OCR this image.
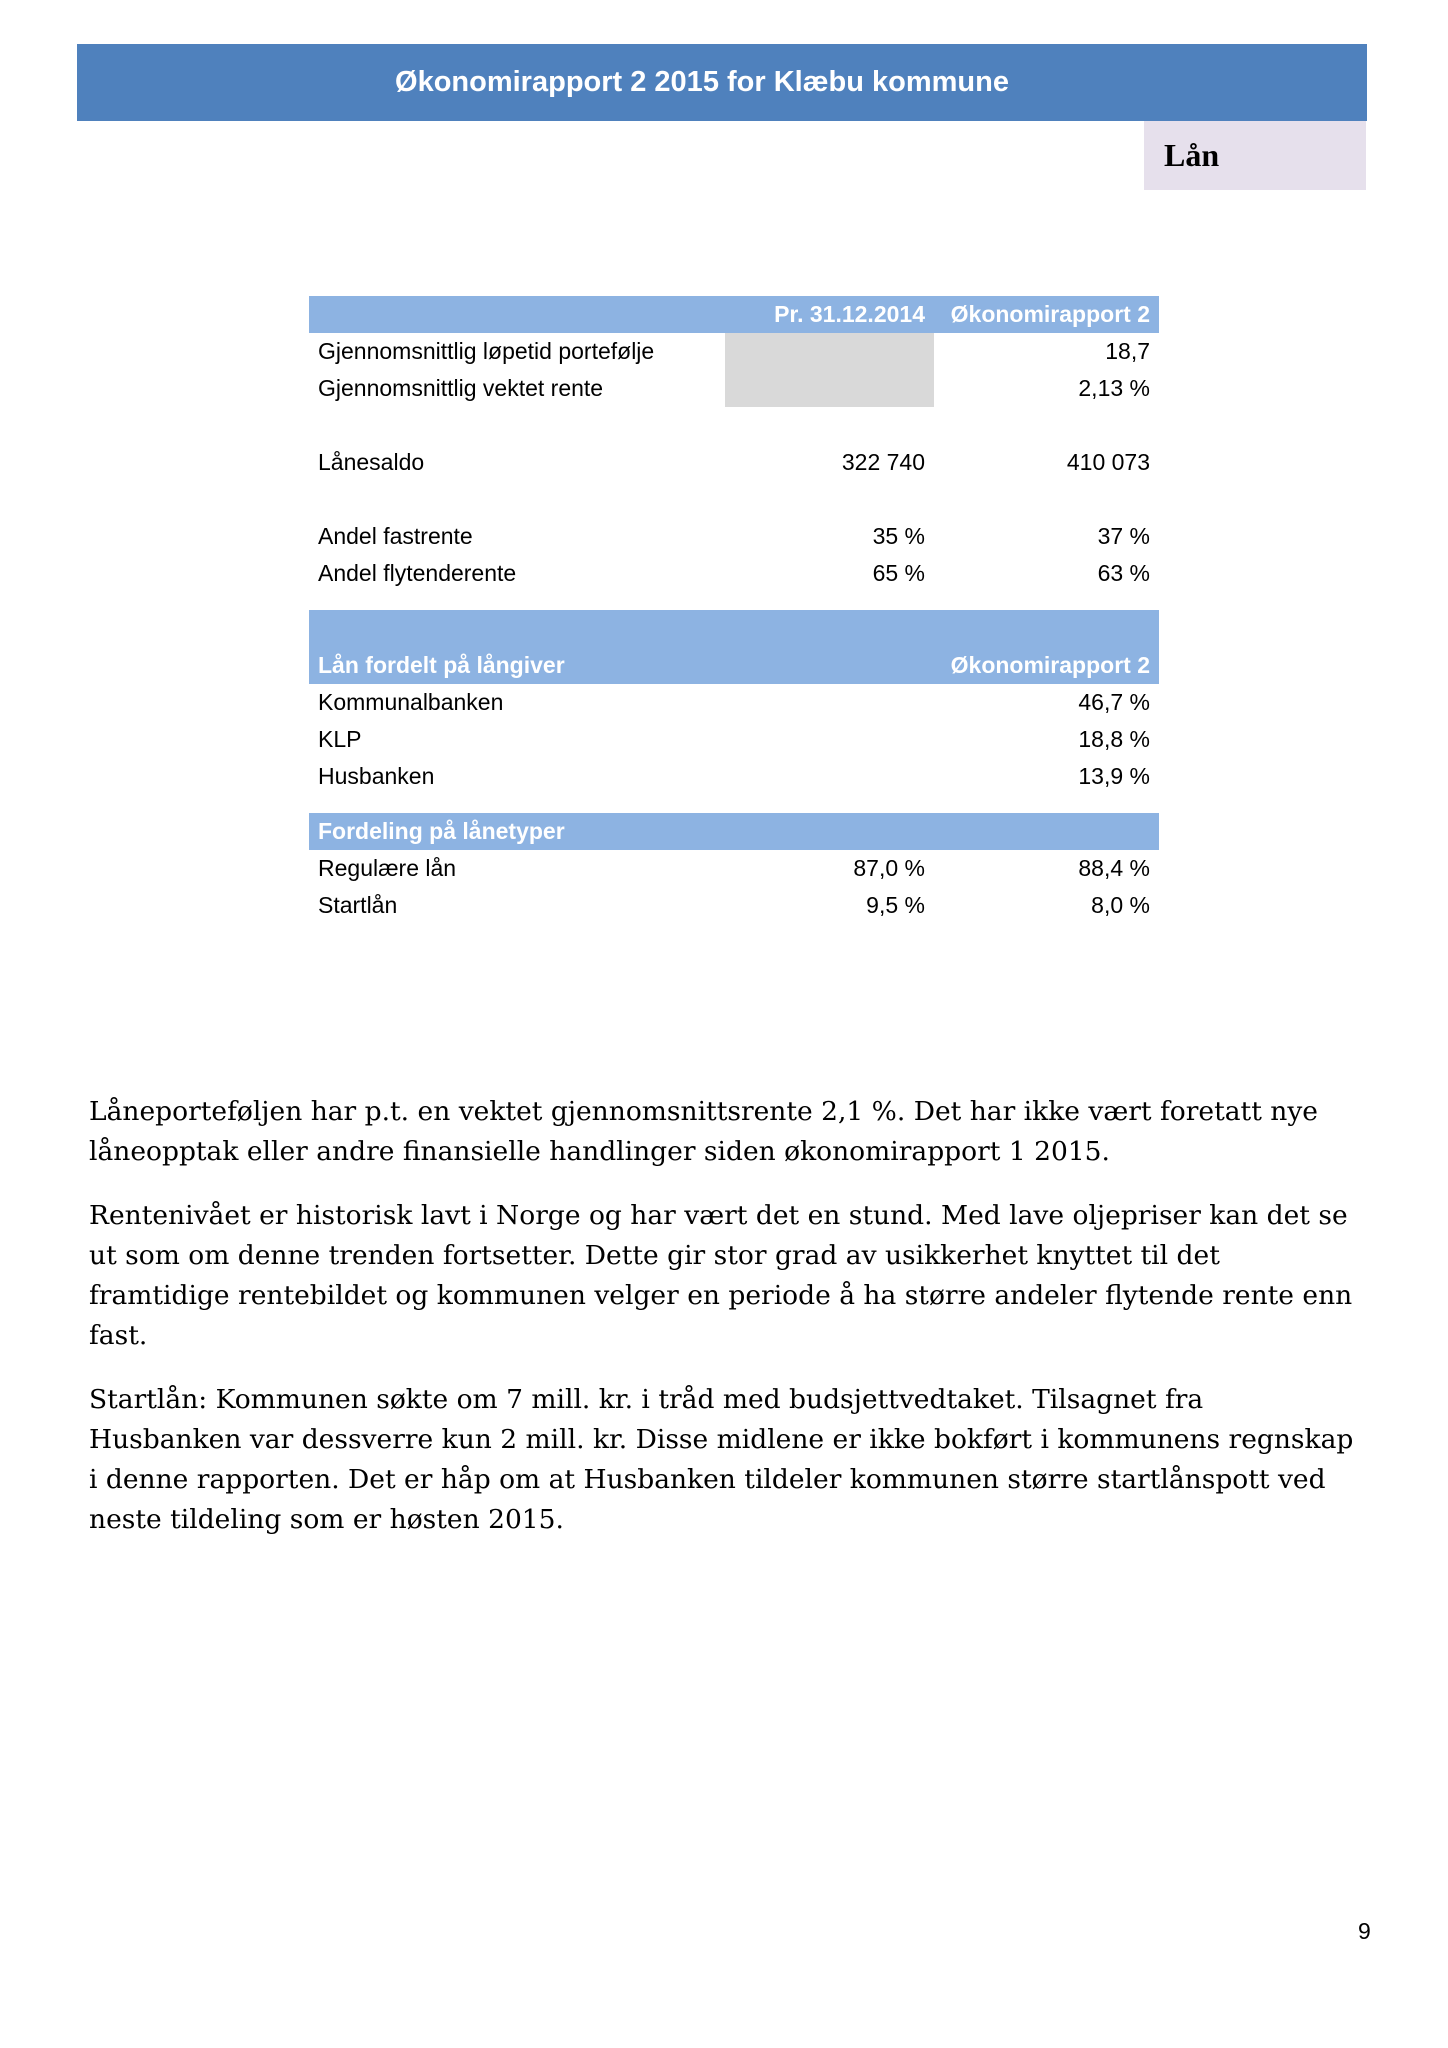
Økonomirapport 2 2015 for Klæbu kommune
Lån
	Pr. 31.12.2014	Økonomirapport 2
Gjennomsnittlig løpetid portefølje		18,7
Gjennomsnittlig vektet rente		2,13 %

Lånesaldo	322 740	410 073

Andel fastrente	35 %	37 %
Andel flytenderente	65 %	63 %

Lån fordelt på långiver		Økonomirapport 2
Kommunalbanken		46,7 %
KLP		18,8 %
Husbanken		13,9 %

Fordeling på lånetyper		
Regulære lån	87,0 %	88,4 %
Startlån	9,5 %	8,0 %

Låneporteføljen har p.t. en vektet gjennomsnittsrente 2,1 %. Det har ikke vært foretatt nye låneopptak eller andre finansielle handlinger siden økonomirapport 1 2015.

Rentenivået er historisk lavt i Norge og har vært det en stund. Med lave oljepriser kan det se ut som om denne trenden fortsetter. Dette gir stor grad av usikkerhet knyttet til det framtidige rentebildet og kommunen velger en periode å ha større andeler flytende rente enn fast.

Startlån: Kommunen søkte om 7 mill. kr. i tråd med budsjettvedtaket. Tilsagnet fra Husbanken var dessverre kun 2 mill. kr. Disse midlene er ikke bokført i kommunens regnskap i denne rapporten. Det er håp om at Husbanken tildeler kommunen større startlånspott ved neste tildeling som er høsten 2015.

9
